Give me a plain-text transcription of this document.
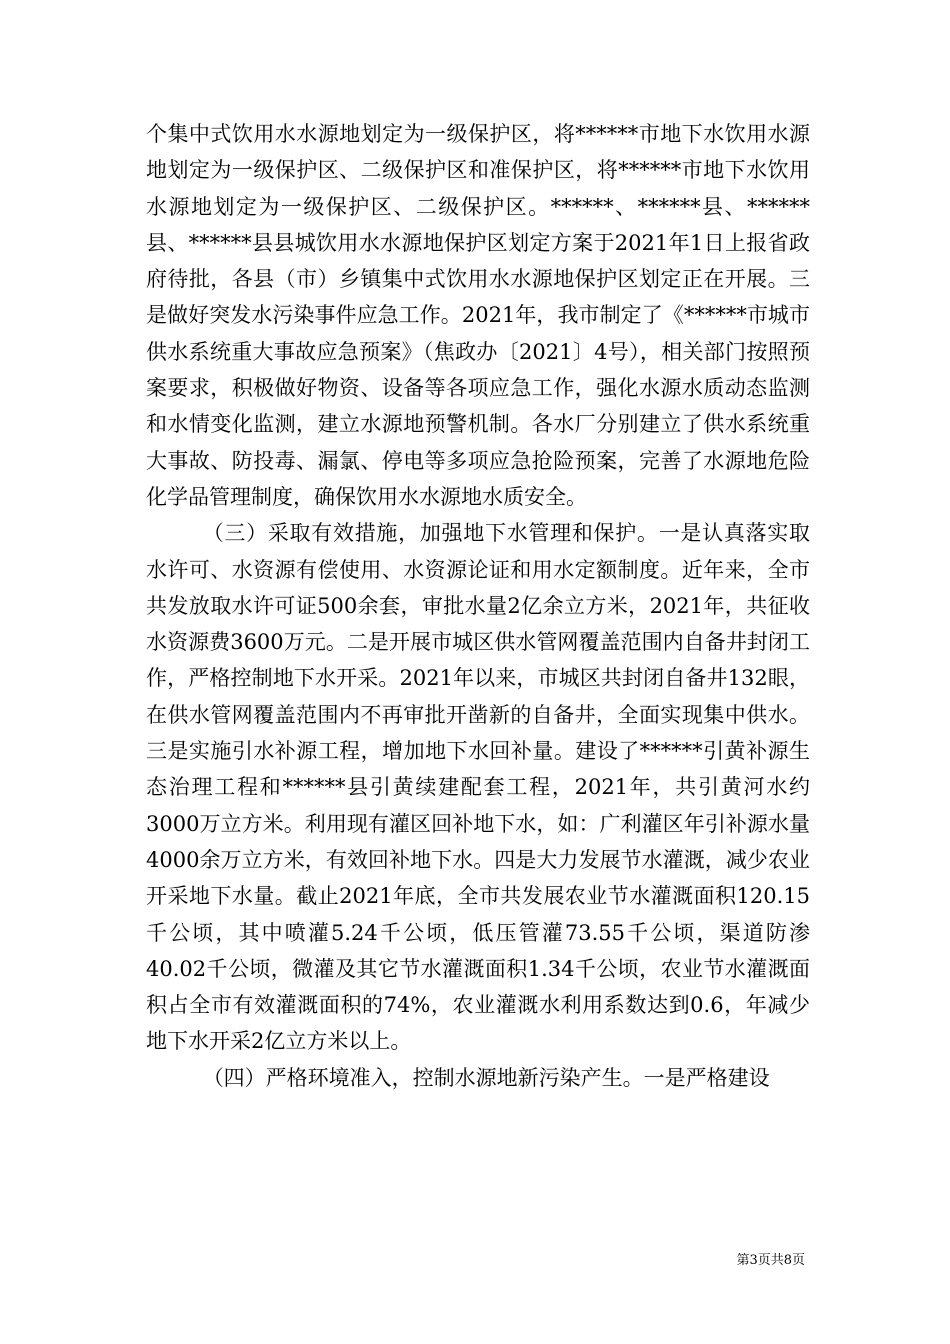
个集中式饮用水水源地划定为一级保护区，将******市地下水饮用水源地划定为一级保护区、二级保护区和准保护区，将******市地下水饮用水源地划定为一级保护区、二级保护区。******、******县、******县、******县县城饮用水水源地保护区划定方案于2021年1日上报省政府待批，各县（市）乡镇集中式饮用水水源地保护区划定正在开展。三是做好突发水污染事件应急工作。2021年，我市制定了《******市城市供水系统重大事故应急预案》（焦政办〔2021〕4号），相关部门按照预案要求，积极做好物资、设备等各项应急工作，强化水源水质动态监测和水情变化监测，建立水源地预警机制。各水厂分别建立了供水系统重大事故、防投毒、漏氯、停电等多项应急抢险预案，完善了水源地危险化学品管理制度，确保饮用水水源地水质安全。

（三）采取有效措施，加强地下水管理和保护。一是认真落实取水许可、水资源有偿使用、水资源论证和用水定额制度。近年来，全市共发放取水许可证500余套，审批水量2亿余立方米，2021年，共征收水资源费3600万元。二是开展市城区供水管网覆盖范围内自备井封闭工作，严格控制地下水开采。2021年以来，市城区共封闭自备井132眼，在供水管网覆盖范围内不再审批开凿新的自备井，全面实现集中供水。三是实施引水补源工程，增加地下水回补量。建设了******引黄补源生态治理工程和******县引黄续建配套工程，2021年，共引黄河水约3000万立方米。利用现有灌区回补地下水，如：广利灌区年引补源水量4000余万立方米，有效回补地下水。四是大力发展节水灌溉，减少农业开采地下水量。截止2021年底，全市共发展农业节水灌溉面积120.15千公顷，其中喷灌5.24千公顷，低压管灌73.55千公顷，渠道防渗40.02千公顷，微灌及其它节水灌溉面积1.34千公顷，农业节水灌溉面积占全市有效灌溉面积的74%，农业灌溉水利用系数达到0.6，年减少地下水开采2亿立方米以上。

（四）严格环境准入，控制水源地新污染产生。一是严格建设

第3页共8页
